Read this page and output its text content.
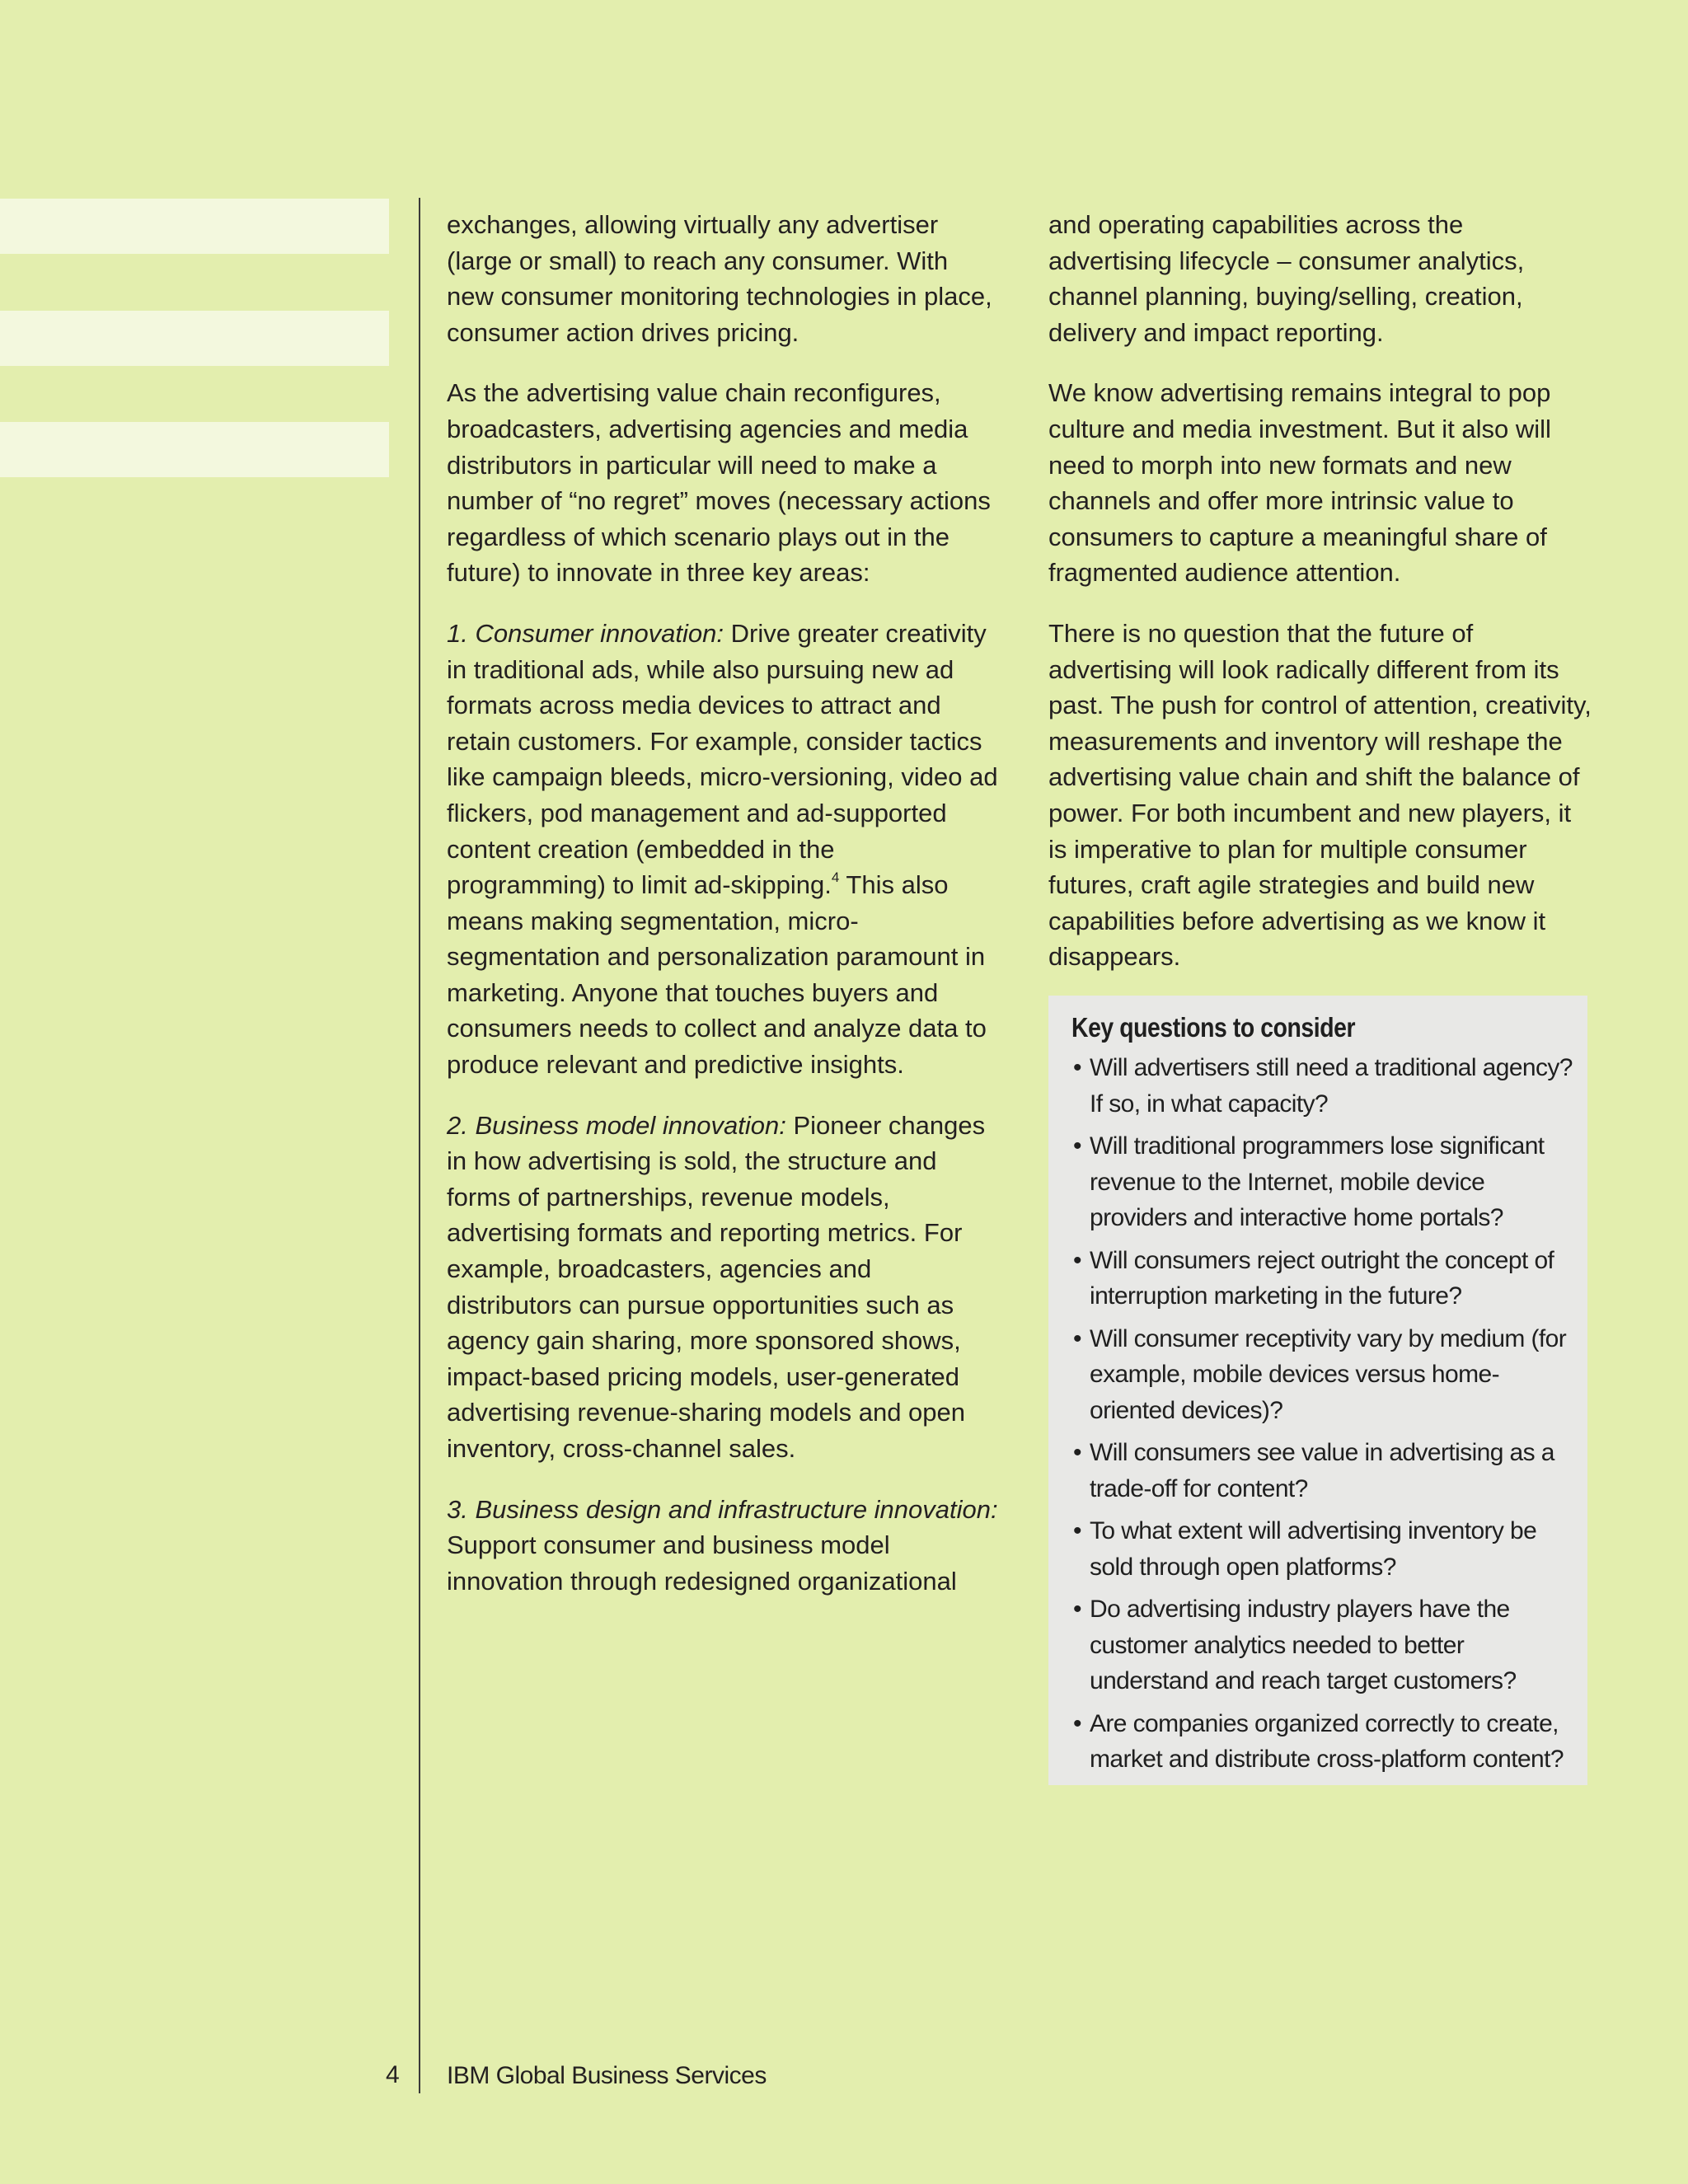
exchanges, allowing virtually any advertiser (large or small) to reach any consumer. With new consumer monitoring technologies in place, consumer action drives pricing.

As the advertising value chain reconfigures, broadcasters, advertising agencies and media distributors in particular will need to make a number of “no regret” moves (necessary actions regardless of which scenario plays out in the future) to innovate in three key areas:

1. Consumer innovation: Drive greater creativity in traditional ads, while also pursuing new ad formats across media devices to attract and retain customers. For example, consider tactics like campaign bleeds, micro-versioning, video ad flickers, pod management and ad-supported content creation (embedded in the programming) to limit ad-skipping.$^4$ This also means making segmentation, micro-segmentation and personalization paramount in marketing. Anyone that touches buyers and consumers needs to collect and analyze data to produce relevant and predictive insights.

2. Business model innovation: Pioneer changes in how advertising is sold, the structure and forms of partnerships, revenue models, advertising formats and reporting metrics. For example, broadcasters, agencies and distributors can pursue opportunities such as agency gain sharing, more sponsored shows, impact-based pricing models, user-generated advertising revenue-sharing models and open inventory, cross-channel sales.

3. Business design and infrastructure innovation: Support consumer and business model innovation through redesigned organizational

and operating capabilities across the advertising lifecycle – consumer analytics, channel planning, buying/selling, creation, delivery and impact reporting.

We know advertising remains integral to pop culture and media investment. But it also will need to morph into new formats and new channels and offer more intrinsic value to consumers to capture a meaningful share of fragmented audience attention.

There is no question that the future of advertising will look radically different from its past. The push for control of attention, creativity, measurements and inventory will reshape the advertising value chain and shift the balance of power. For both incumbent and new players, it is imperative to plan for multiple consumer futures, craft agile strategies and build new capabilities before advertising as we know it disappears.

Key questions to consider
• Will advertisers still need a traditional agency? If so, in what capacity?
• Will traditional programmers lose significant revenue to the Internet, mobile device providers and interactive home portals?
• Will consumers reject outright the concept of interruption marketing in the future?
• Will consumer receptivity vary by medium (for example, mobile devices versus home-oriented devices)?
• Will consumers see value in advertising as a trade-off for content?
• To what extent will advertising inventory be sold through open platforms?
• Do advertising industry players have the customer analytics needed to better understand and reach target customers?
• Are companies organized correctly to create, market and distribute cross-platform content?
4 IBM Global Business Services
